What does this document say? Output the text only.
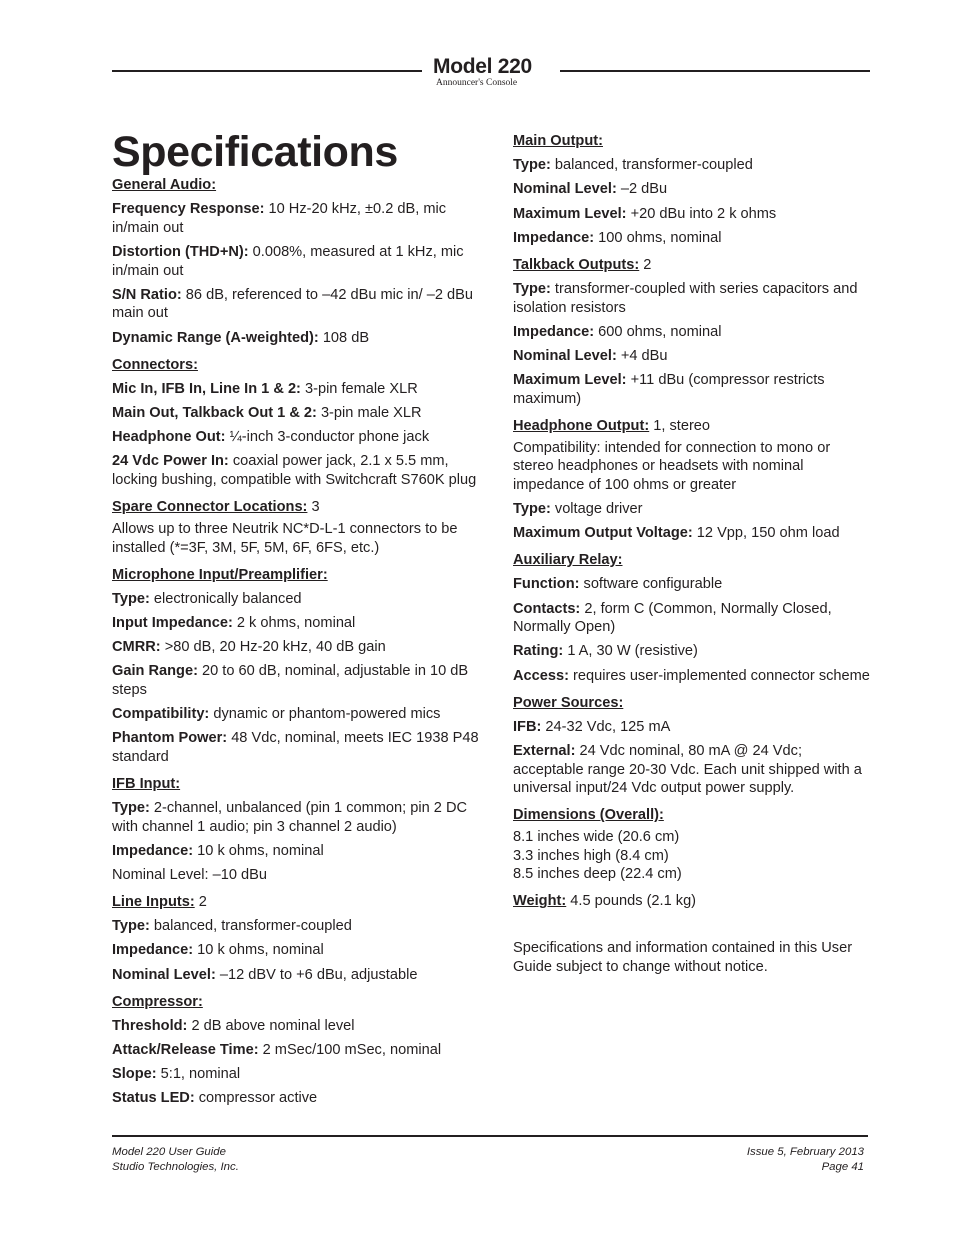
Model 220
Announcer's Console
Specifications
General Audio:
Frequency Response: 10 Hz-20 kHz, ±0.2 dB, mic in/main out
Distortion (THD+N): 0.008%, measured at 1 kHz, mic in/main out
S/N Ratio: 86 dB, referenced to –42 dBu mic in/ –2 dBu main out
Dynamic Range (A-weighted): 108 dB
Connectors:
Mic In, IFB In, Line In 1 & 2: 3-pin female XLR
Main Out, Talkback Out 1 & 2: 3-pin male XLR
Headphone Out: ¼-inch 3-conductor phone jack
24 Vdc Power In: coaxial power jack, 2.1 x 5.5 mm, locking bushing, compatible with Switchcraft S760K plug
Spare Connector Locations: 3
Allows up to three Neutrik NC*D-L-1 connectors to be installed (*=3F, 3M, 5F, 5M, 6F, 6FS, etc.)
Microphone Input/Preamplifier:
Type: electronically balanced
Input Impedance: 2 k ohms, nominal
CMRR: >80 dB, 20 Hz-20 kHz, 40 dB gain
Gain Range: 20 to 60 dB, nominal, adjustable in 10 dB steps
Compatibility: dynamic or phantom-powered mics
Phantom Power: 48 Vdc, nominal, meets IEC 1938 P48 standard
IFB Input:
Type: 2-channel, unbalanced (pin 1 common; pin 2 DC with channel 1 audio; pin 3 channel 2 audio)
Impedance: 10 k ohms, nominal
Nominal Level: –10 dBu
Line Inputs: 2
Type: balanced, transformer-coupled
Impedance: 10 k ohms, nominal
Nominal Level: –12 dBV to +6 dBu, adjustable
Compressor:
Threshold: 2 dB above nominal level
Attack/Release Time: 2 mSec/100 mSec, nominal
Slope: 5:1, nominal
Status LED: compressor active
Main Output:
Type: balanced, transformer-coupled
Nominal Level: –2 dBu
Maximum Level: +20 dBu into 2 k ohms
Impedance: 100 ohms, nominal
Talkback Outputs: 2
Type: transformer-coupled with series capacitors and isolation resistors
Impedance: 600 ohms, nominal
Nominal Level: +4 dBu
Maximum Level: +11 dBu (compressor restricts maximum)
Headphone Output: 1, stereo
Compatibility: intended for connection to mono or stereo headphones or headsets with nominal impedance of 100 ohms or greater
Type: voltage driver
Maximum Output Voltage: 12 Vpp, 150 ohm load
Auxiliary Relay:
Function: software configurable
Contacts: 2, form C (Common, Normally Closed, Normally Open)
Rating: 1 A, 30 W (resistive)
Access: requires user-implemented connector scheme
Power Sources:
IFB: 24-32 Vdc, 125 mA
External: 24 Vdc nominal, 80 mA @ 24 Vdc; acceptable range 20-30 Vdc. Each unit shipped with a universal input/24 Vdc output power supply.
Dimensions (Overall):
8.1 inches wide (20.6 cm)
3.3 inches high (8.4 cm)
8.5 inches deep (22.4 cm)
Weight: 4.5 pounds (2.1 kg)
Specifications and information contained in this User Guide subject to change without notice.
Model 220 User Guide
Studio Technologies, Inc.
Issue 5, February 2013
Page 41
